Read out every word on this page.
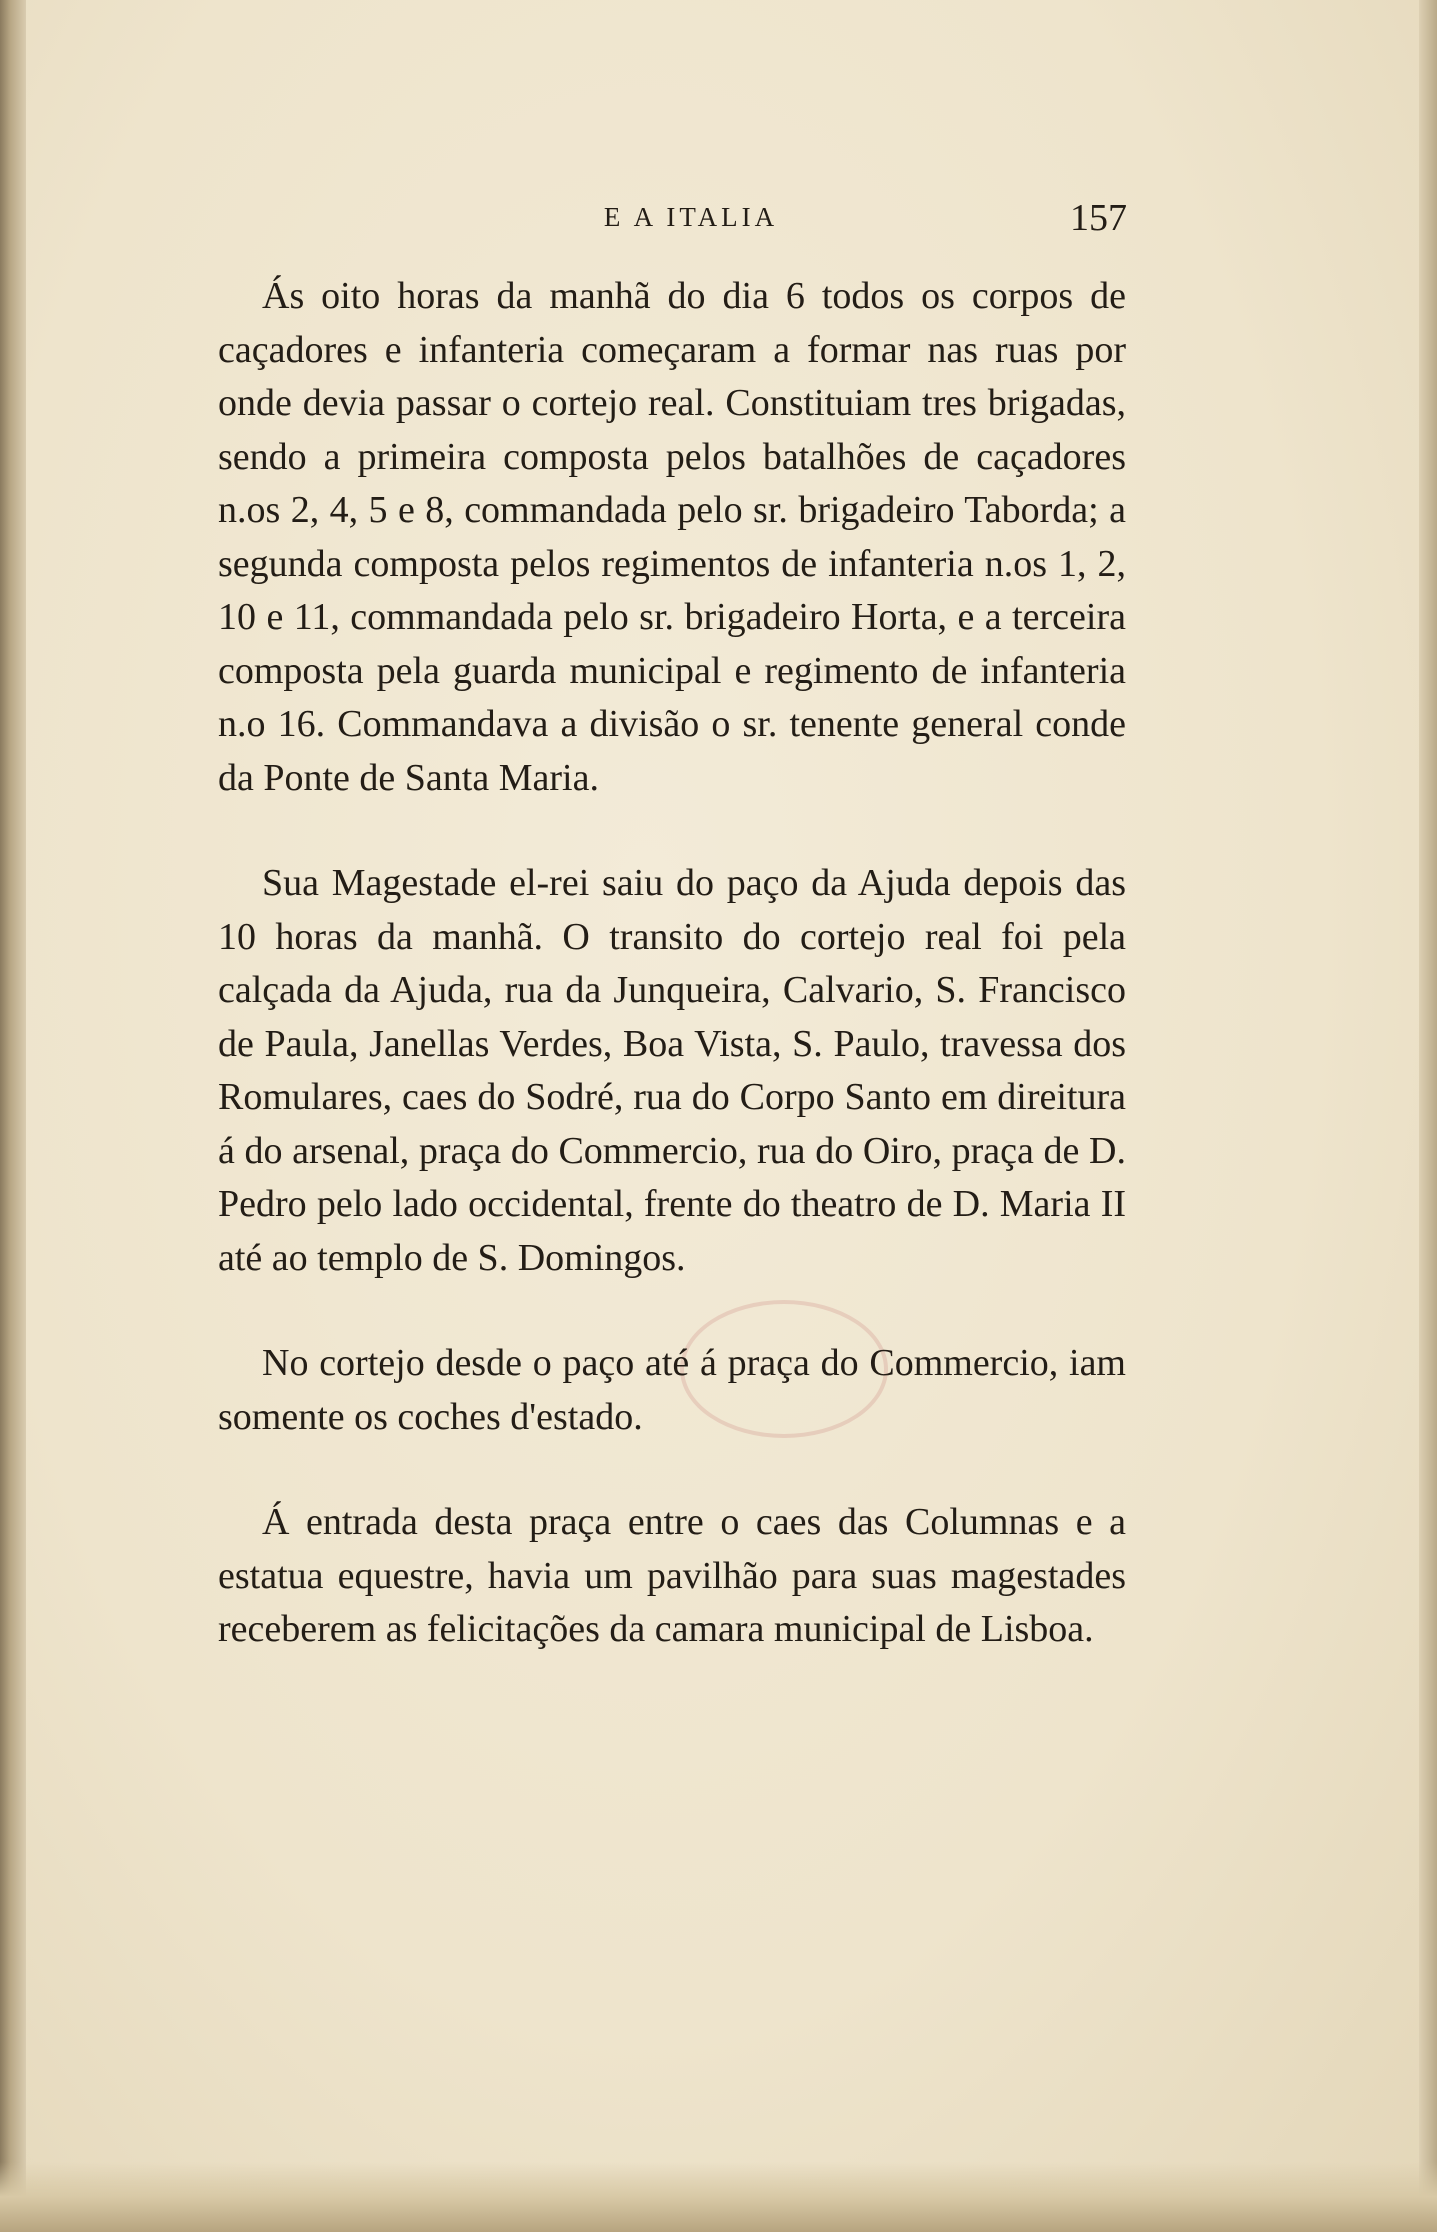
E A ITALIA	157

Ás oito horas da manhã do dia 6 todos os corpos de caçadores e infanteria começaram a formar nas ruas por onde devia passar o cortejo real. Constituiam tres brigadas, sendo a primeira composta pelos batalhões de caçadores n.os 2, 4, 5 e 8, commandada pelo sr. brigadeiro Taborda; a segunda composta pelos regimentos de infanteria n.os 1, 2, 10 e 11, commandada pelo sr. brigadeiro Horta, e a terceira composta pela guarda municipal e regimento de infanteria n.o 16. Commandava a divisão o sr. tenente general conde da Ponte de Santa Maria.

Sua Magestade el-rei saiu do paço da Ajuda depois das 10 horas da manhã. O transito do cortejo real foi pela calçada da Ajuda, rua da Junqueira, Calvario, S. Francisco de Paula, Janellas Verdes, Boa Vista, S. Paulo, travessa dos Romulares, caes do Sodré, rua do Corpo Santo em direitura á do arsenal, praça do Commercio, rua do Oiro, praça de D. Pedro pelo lado occidental, frente do theatro de D. Maria II até ao templo de S. Domingos.

No cortejo desde o paço até á praça do Commercio, iam somente os coches d'estado.

Á entrada desta praça entre o caes das Columnas e a estatua equestre, havia um pavilhão para suas magestades receberem as felicitações da camara municipal de Lisboa.
